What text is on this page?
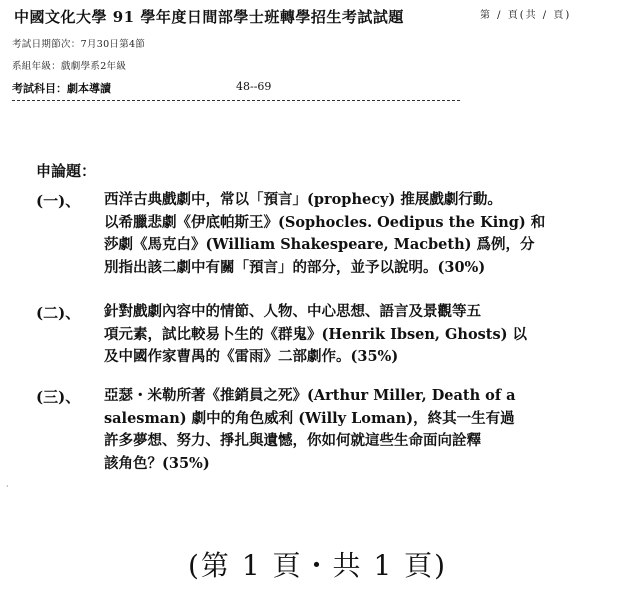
中國文化大學 91 學年度日間部學士班轉學招生考試試題	第 / 頁(共 / 頁)
考試日期節次：7月30日第4節
系組年級：戲劇學系2年級
考試科目：劇本導讀	48--69
申論題：
(一)、 西洋古典戲劇中，常以「預言」(prophecy) 推展戲劇行動。
以希臘悲劇《伊底帕斯王》(Sophocles. Oedipus the King) 和
莎劇《馬克白》(William Shakespeare, Macbeth) 爲例，分
別指出該二劇中有關「預言」的部分，並予以說明。(30%)
(二)、 針對戲劇內容中的情節、人物、中心思想、語言及景觀等五
項元素，試比較易卜生的《群鬼》(Henrik Ibsen, Ghosts) 以
及中國作家曹禺的《雷雨》二部劇作。(35%)
(三)、 亞瑟・米勒所著《推銷員之死》(Arthur Miller, Death of a
salesman) 劇中的角色威利 (Willy Loman)，終其一生有過
許多夢想、努力、掙扎與遺憾，你如何就這些生命面向詮釋
該角色？(35%)
·
(第 1 頁・共 1 頁)
